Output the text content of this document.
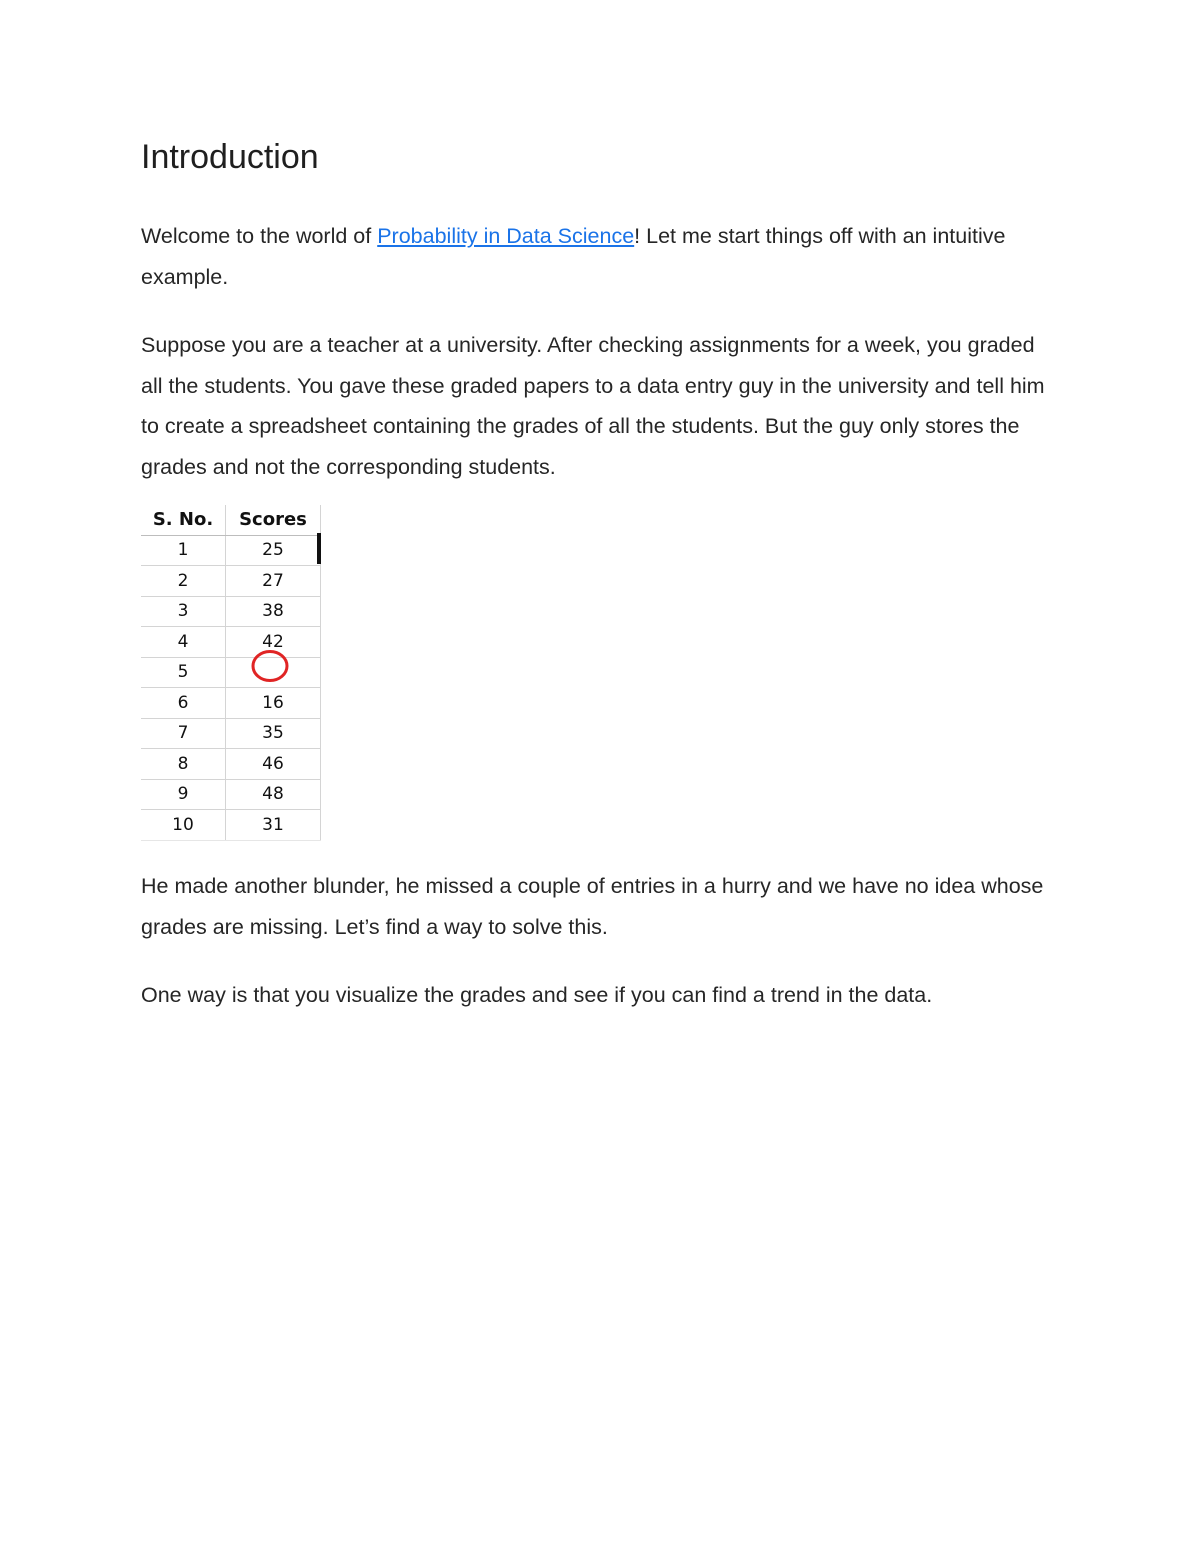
Introduction

Welcome to the world of Probability in Data Science! Let me start things off with an intuitive example.

Suppose you are a teacher at a university. After checking assignments for a week, you graded all the students. You gave these graded papers to a data entry guy in the university and tell him to create a spreadsheet containing the grades of all the students. But the guy only stores the grades and not the corresponding students.

S. No.	Scores
1	25
2	27
3	38
4	42
5	
6	16
7	35
8	46
9	48
10	31

He made another blunder, he missed a couple of entries in a hurry and we have no idea whose grades are missing. Let’s find a way to solve this.

One way is that you visualize the grades and see if you can find a trend in the data.
